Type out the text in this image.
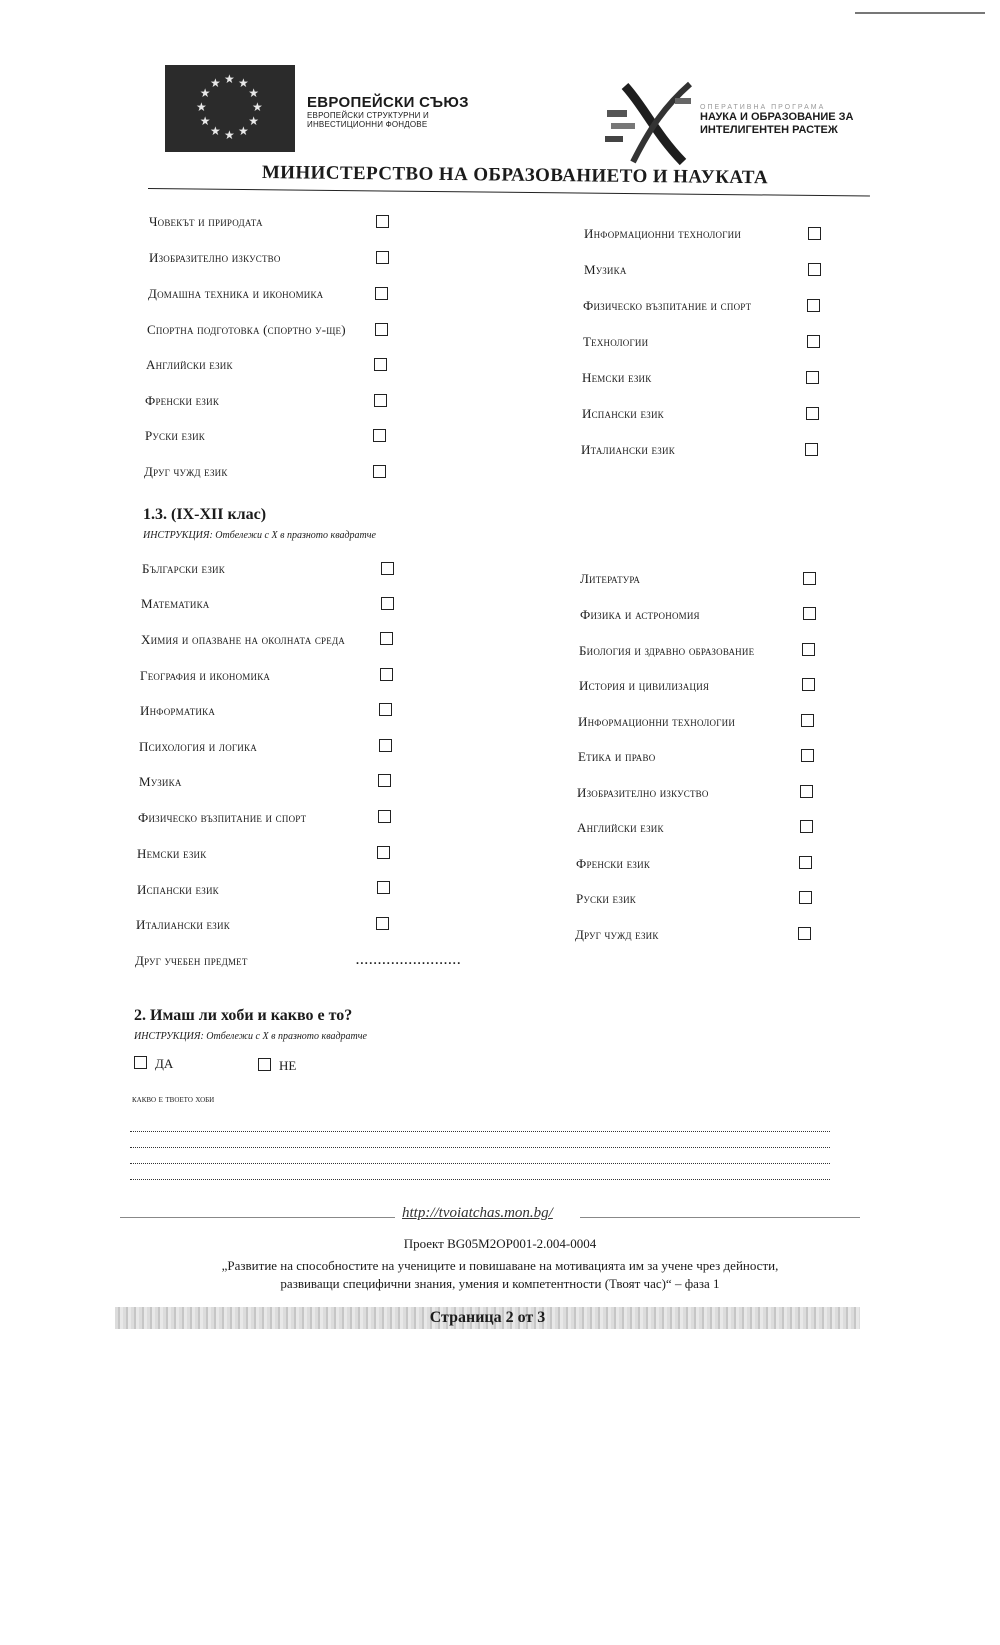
★ ★
★
★
★
★
★
★
★
★
★
★
ЕВРОПЕЙСКИ СЪЮЗ
ЕВРОПЕЙСКИ СТРУКТУРНИ И
ИНВЕСТИЦИОННИ ФОНДОВЕ
ОПЕРАТИВНА ПРОГРАМА
НАУКА И ОБРАЗОВАНИЕ ЗА
ИНТЕЛИГЕНТЕН РАСТЕЖ
МИНИСТЕРСТВО НА ОБРАЗОВАНИЕТО И НАУКАТА
Човекът и природата
Изобразително изкуство
Домашна техника и икономика
Спортна подготовка (спортно у-ще)
Английски език
Френски език
Руски език
Друг чужд език
Информационни технологии
Музика
Физическо възпитание и спорт
Технологии
Немски език
Испански език
Италиански език
1.3. (IX-XII клас)
ИНСТРУКЦИЯ: Отбележи с Х в празното квадратче
Български език
Математика
Химия и опазване на околната среда
География и икономика
Информатика
Психология и логика
Музика
Физическо възпитание и спорт
Немски език
Испански език
Италиански език
Друг учебен предмет	........................
Литература
Физика и астрономия
Биология и здравно образование
История и цивилизация
Информационни технологии
Етика и право
Изобразително изкуство
Английски език
Френски език
Руски език
Друг чужд език
2. Имаш ли хоби и какво е то?
ИНСТРУКЦИЯ: Отбележи с Х в празното квадратче
ДА	НЕ
какво е твоето хоби
http://tvoiatchas.mon.bg/
Проект BG05M2OP001-2.004-0004
„Развитие на способностите на учениците и повишаване на мотивацията им за учене чрез дейности,
развиващи специфични знания, умения и компетентности (Твоят час)“ – фаза 1
Страница 2 от 3
